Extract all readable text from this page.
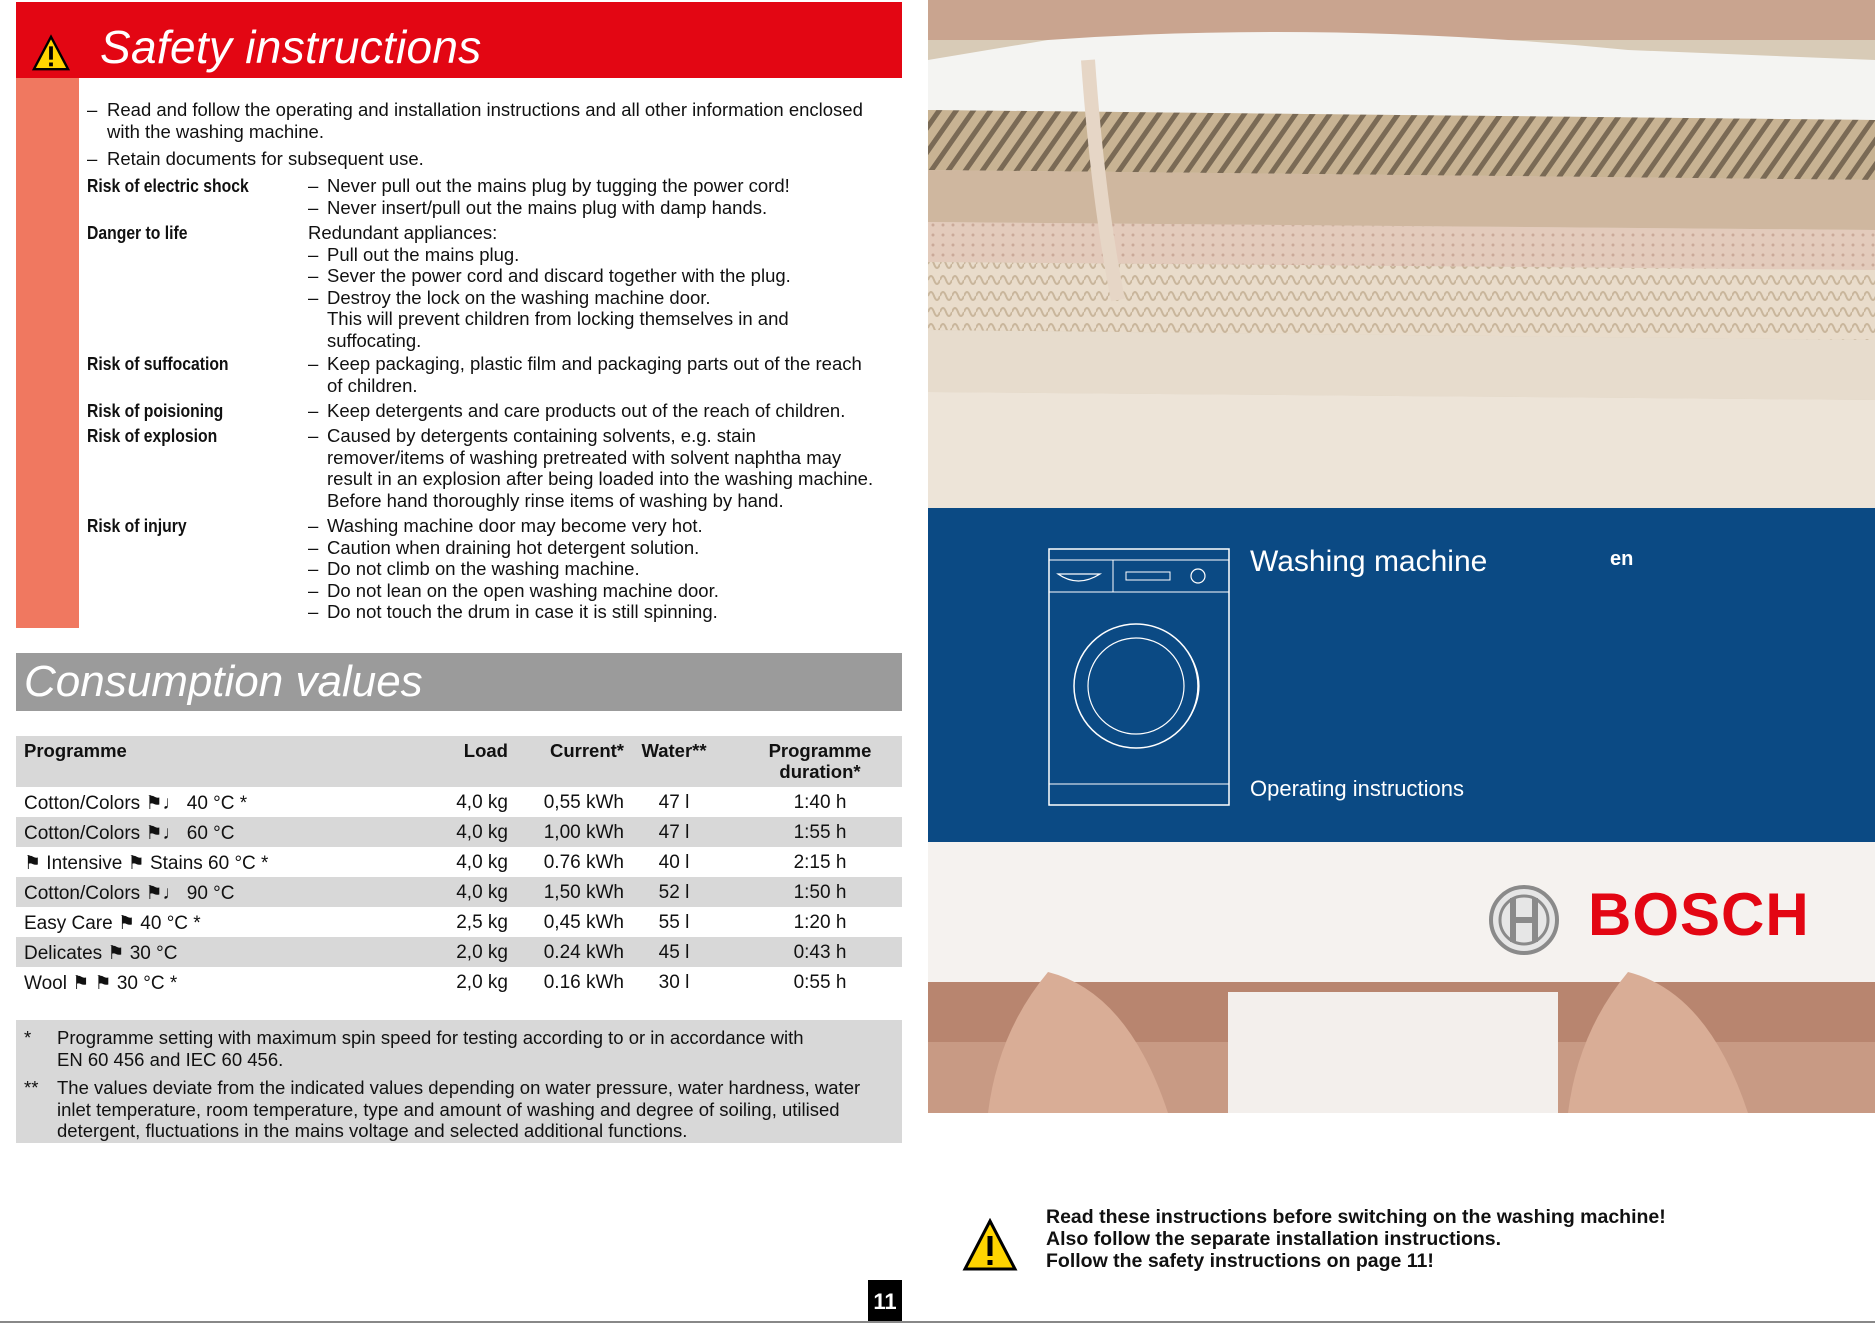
Safety instructions
– Read and follow the operating and installation instructions and all other information enclosed
with the washing machine.
– Retain documents for subsequent use.
Risk of electric shock	– Never pull out the mains plug by tugging the power cord!
– Never insert/pull out the mains plug with damp hands.
Danger to life	Redundant appliances:
– Pull out the mains plug.
– Sever the power cord and discard together with the plug.
– Destroy the lock on the washing machine door.
This will prevent children from locking themselves in and
suffocating.
Risk of suffocation	– Keep packaging, plastic film and packaging parts out of the reach
of children.
Risk of poisioning	– Keep detergents and care products out of the reach of children.
Risk of explosion	– Caused by detergents containing solvents, e.g. stain
remover/items of washing pretreated with solvent naphtha may
result in an explosion after being loaded into the washing machine.
Before hand thoroughly rinse items of washing by hand.
Risk of injury	– Washing machine door may become very hot.
– Caution when draining hot detergent solution.
– Do not climb on the washing machine.
– Do not lean on the open washing machine door.
– Do not touch the drum in case it is still spinning.
Consumption values
Programme	Load	Current* Water**	Programme
duration*
Cotton/Colors ⚑♩ 40 °C *	4,0 kg	0,55 kWh	47 l	1:40 h
Cotton/Colors ⚑♩ 60 °C	4,0 kg	1,00 kWh	47 l	1:55 h
⚑ Intensive ⚑ Stains 60 °C *	4,0 kg	0.76 kWh	40 l	2:15 h
Cotton/Colors ⚑♩ 90 °C	4,0 kg	1,50 kWh	52 l	1:50 h
Easy Care ⚑ 40 °C *	2,5 kg	0,45 kWh	55 l	1:20 h
Delicates ⚑ 30 °C	2,0 kg	0.24 kWh	45 l	0:43 h
Wool ⚑ ⚑ 30 °C *	2,0 kg	0.16 kWh	30 l	0:55 h
*	Programme setting with maximum spin speed for testing according to or in accordance with
EN 60 456 and IEC 60 456.
**	The values deviate from the indicated values depending on water pressure, water hardness, water
inlet temperature, room temperature, type and amount of washing and degree of soiling, utilised
detergent, fluctuations in the mains voltage and selected additional functions.
11
Washing machine	en
Operating instructions
BOSCH
Read these instructions before switching on the washing machine!
Also follow the separate installation instructions.
Follow the safety instructions on page 11!
